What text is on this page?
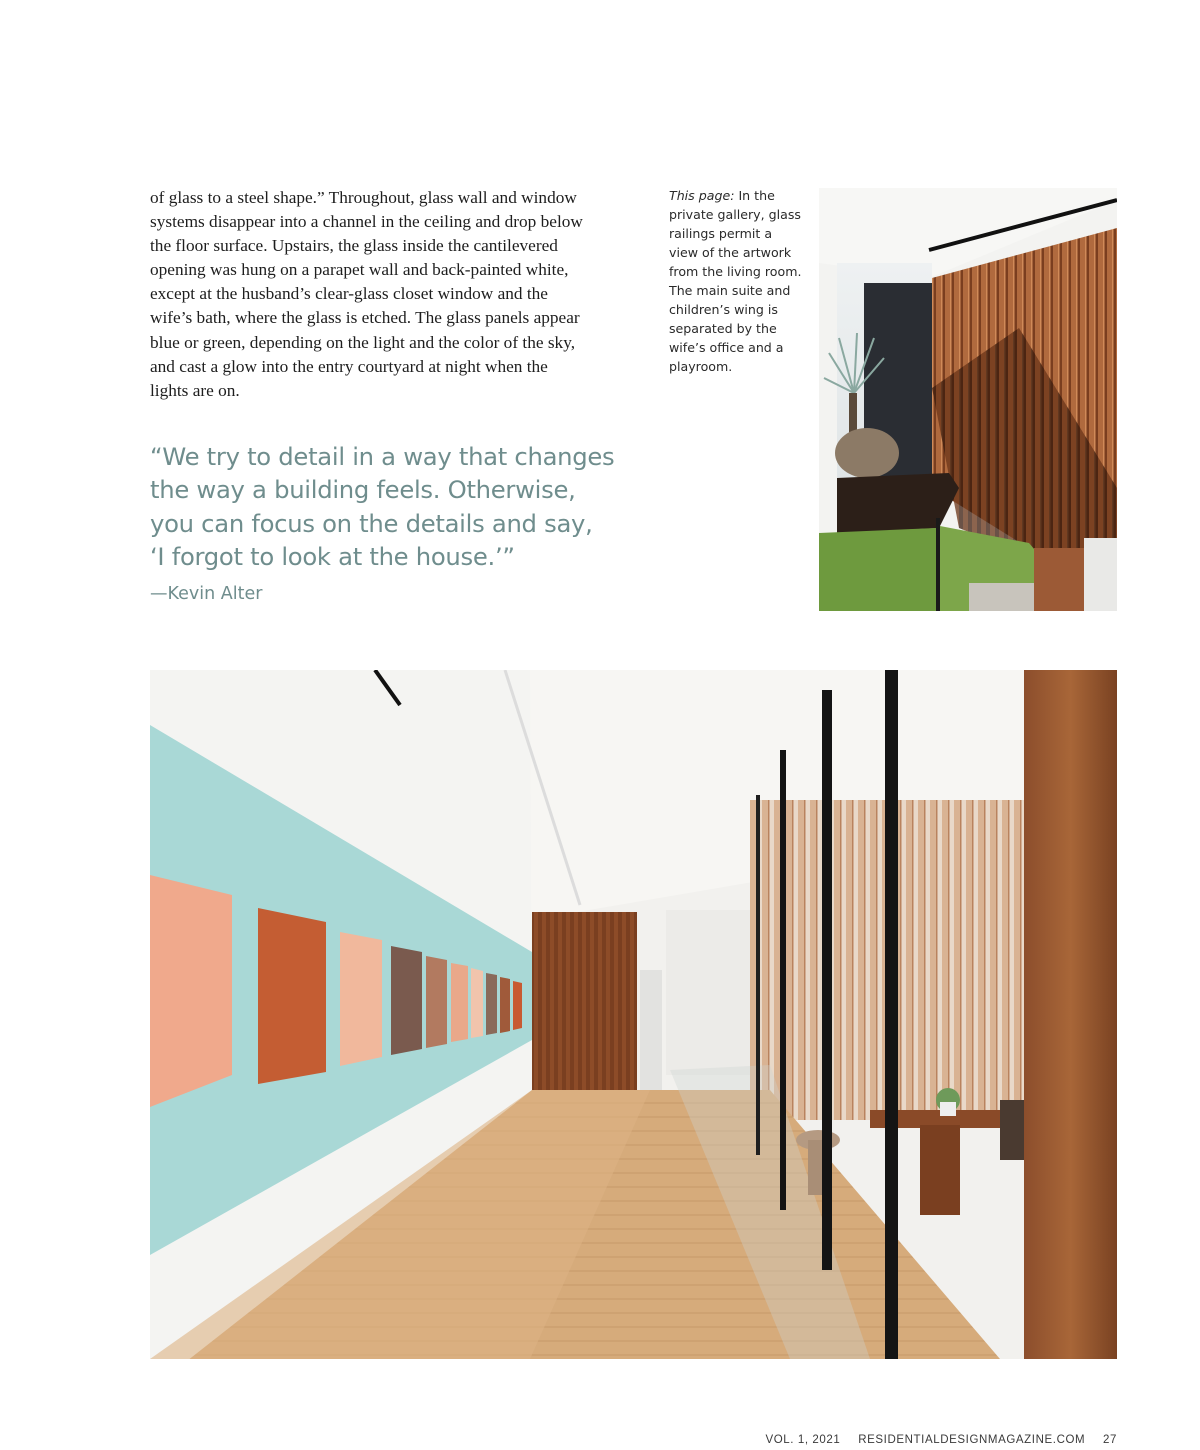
of glass to a steel shape.” Throughout, glass wall and window
systems disappear into a channel in the ceiling and drop below
the floor surface. Upstairs, the glass inside the cantilevered
opening was hung on a parapet wall and back-painted white,
except at the husband’s clear-glass closet window and the
wife’s bath, where the glass is etched. The glass panels appear
blue or green, depending on the light and the color of the sky,
and cast a glow into the entry courtyard at night when the
lights are on.
“We try to detail in a way that changes
the way a building feels. Otherwise,
you can focus on the details and say,
‘I forgot to look at the house.’”
—Kevin Alter
This page: In the
private gallery, glass
railings permit a
view of the artwork
from the living room.
The main suite and
children’s wing is
separated by the
wife’s office and a
playroom.
VOL. 1, 2021 RESIDENTIALDESIGNMAGAZINE.COM 27
